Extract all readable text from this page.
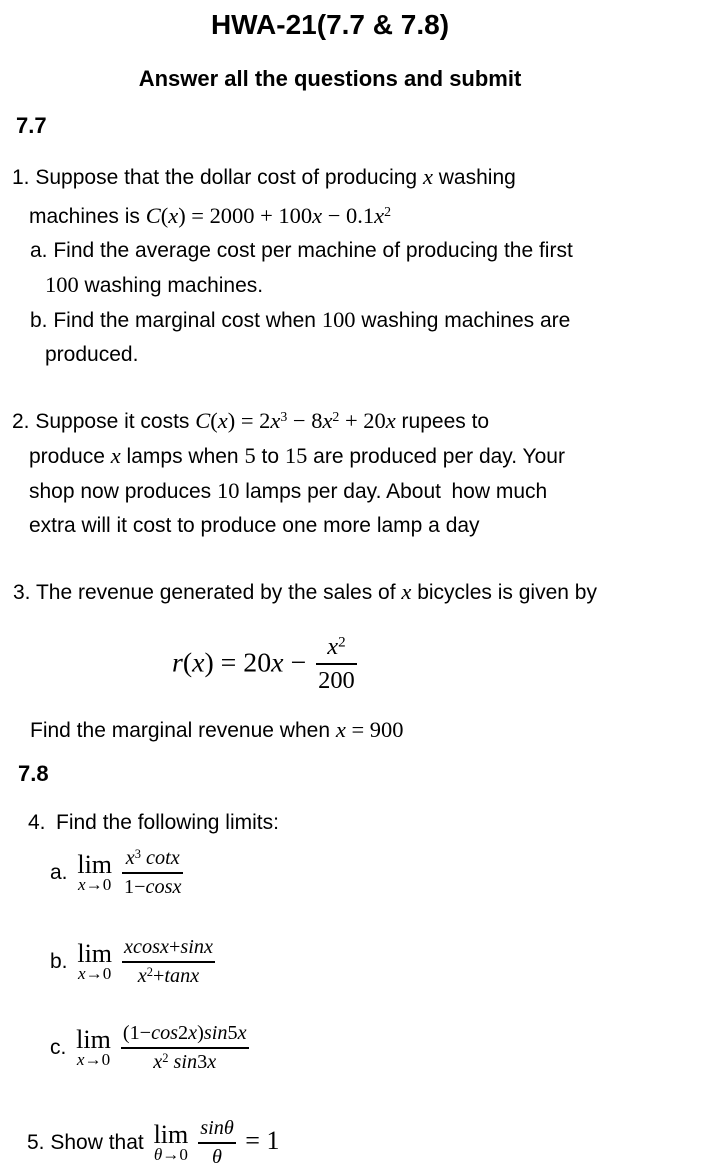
HWA-21(7.7 & 7.8)
Answer all the questions and submit
7.7
1. Suppose that the dollar cost of producing x washing
machines is $C(x) = 2000 + 100x - 0.1x^2$
a. Find the average cost per machine of producing the first
100 washing machines.
b. Find the marginal cost when 100 washing machines are
produced.
2. Suppose it costs $C(x) = 2x^3 - 8x^2 + 20x$ rupees to
produce x lamps when 5 to 15 are produced per day. Your
shop now produces 10 lamps per day. About how much
extra will it cost to produce one more lamp a day
3. The revenue generated by the sales of x bicycles is given by
$r(x) = 20x - \frac{x^2}{200}$
Find the marginal revenue when x = 900
7.8
4. Find the following limits:
a. lim
$x\to 0 \frac{x^3 \cot x}{1-\cos x}$
b. lim
$x\to 0 \frac{xcosx+\sin x}{x^2+\tan x}$
c. lim
$x\to 0 \frac{(1-\cos 2x)\sin 5x}{x^2 \sin 3x}$
5. Show that lim
$\theta\to 0 \frac{\sin\theta}{\theta} = 1$
